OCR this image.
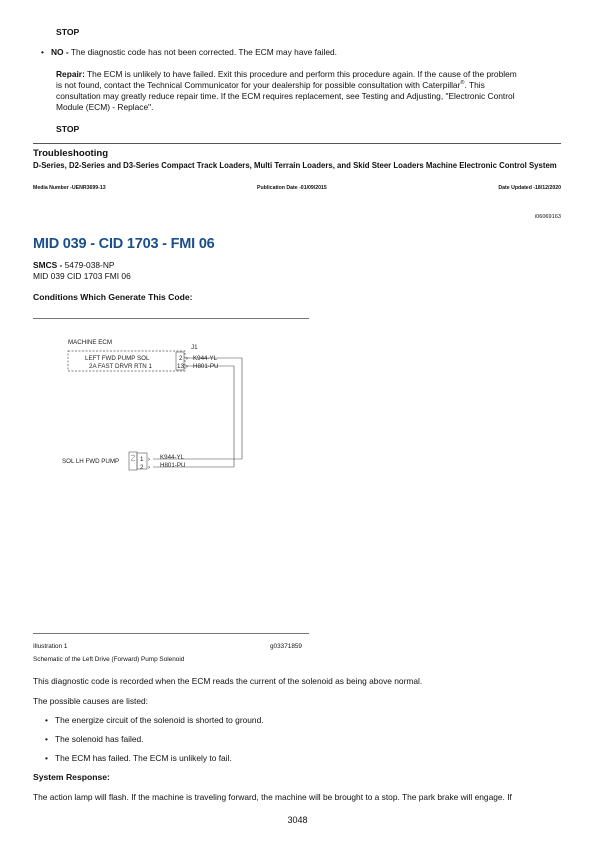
STOP
• NO - The diagnostic code has not been corrected. The ECM may have failed.
Repair: The ECM is unlikely to have failed. Exit this procedure and perform this procedure again. If the cause of the problem
is not found, contact the Technical Communicator for your dealership for possible consultation with Caterpillar®. This
consultation may greatly reduce repair time. If the ECM requires replacement, see Testing and Adjusting, "Electronic Control
Module (ECM) - Replace".
STOP
Troubleshooting
D-Series, D2-Series and D3-Series Compact Track Loaders, Multi Terrain Loaders, and Skid Steer Loaders Machine Electronic Control System
Media Number -UENR3699-13	Publication Date -01/09/2015	Date Updated -18/12/2020
i06069163
MID 039 - CID 1703 - FMI 06
SMCS - 5479-038-NP
MID 039 CID 1703 FMI 06
Conditions Which Generate This Code:
MACHINE ECM
J1
LEFT FWD PUMP SOL	2
2A FAST DRVR RTN 1	13
›
›
K944-YL
H801-PU
SOL LH FWD PUMP	1
2
›
›
K944-YL
H801-PU
Illustration 1	g03371859
Schematic of the Left Drive (Forward) Pump Solenoid
This diagnostic code is recorded when the ECM reads the current of the solenoid as being above normal.
The possible causes are listed:
• The energize circuit of the solenoid is shorted to ground.
• The solenoid has failed.
• The ECM has failed. The ECM is unlikely to fail.
System Response:
The action lamp will flash. If the machine is traveling forward, the machine will be brought to a stop. The park brake will engage. If
3048
